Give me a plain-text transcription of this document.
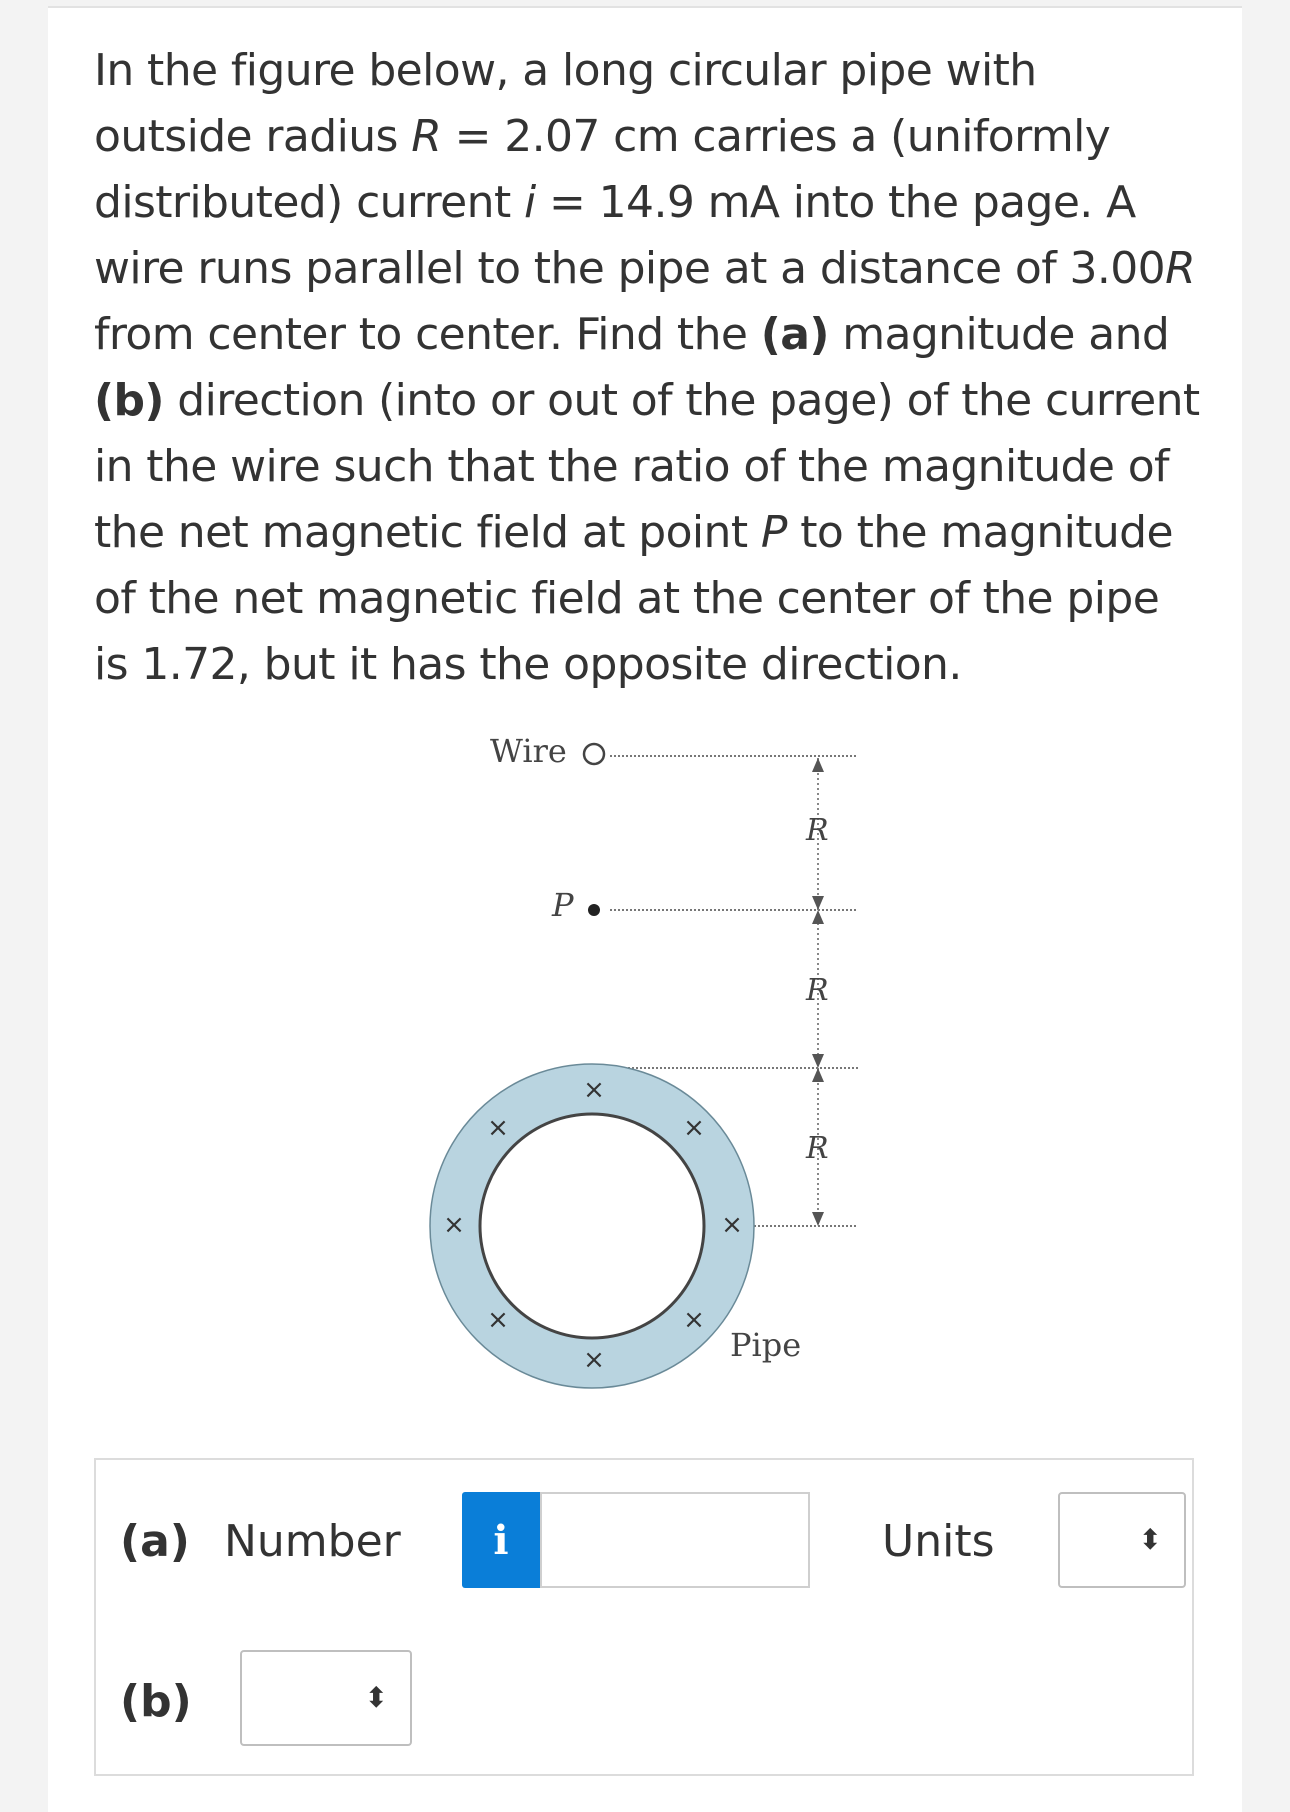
In the figure below, a long circular pipe with outside radius R = 2.07 cm carries a (uniformly distributed) current i = 14.9 mA into the page. A wire runs parallel to the pipe at a distance of 3.00R from center to center. Find the (a) magnitude and (b) direction (into or out of the page) of the current in the wire such that the ratio of the magnitude of the net magnetic field at point P to the magnitude of the net magnetic field at the center of the pipe is 1.72, but it has the opposite direction.

R
R
R
Wire
P
×
×	×
×	×
×	×
×	Pipe
(a) Number	i	Units	⬍
(b)	⬍
